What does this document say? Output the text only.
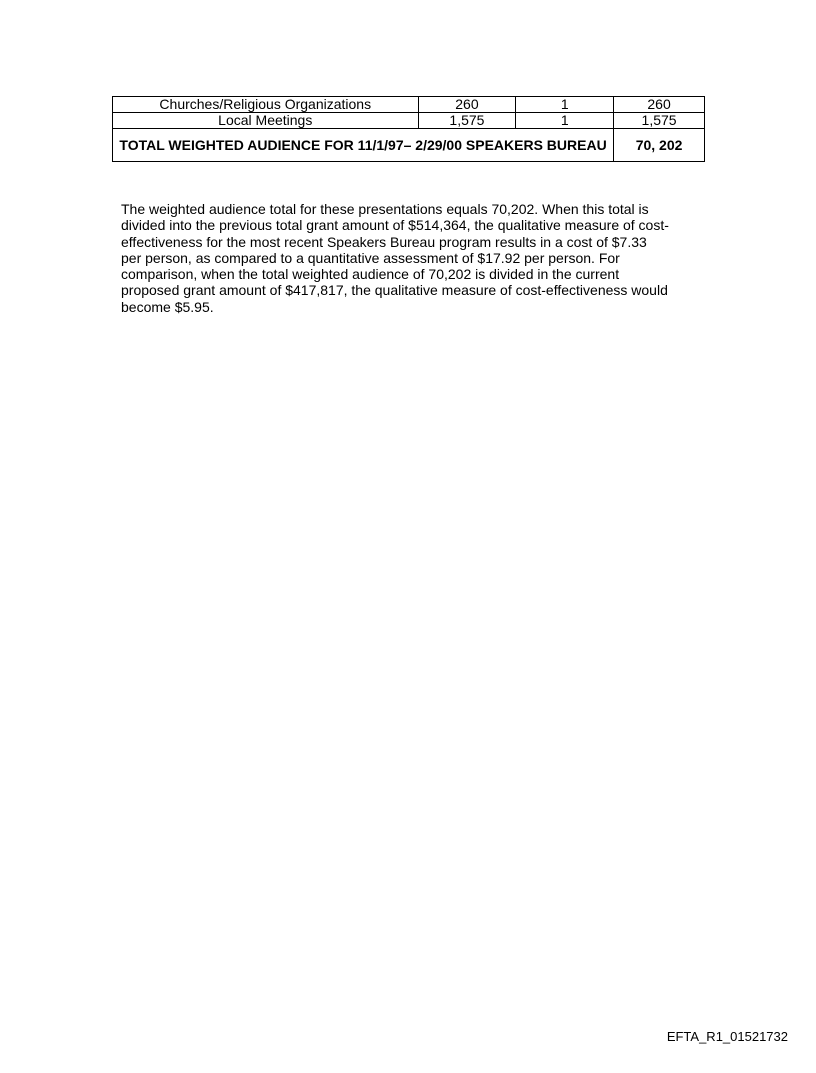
Churches/Religious Organizations	260	1	260
Local Meetings	1,575	1	1,575
TOTAL WEIGHTED AUDIENCE FOR 11/1/97– 2/29/00 SPEAKERS BUREAU			70, 202

The weighted audience total for these presentations equals 70,202. When this total is
divided into the previous total grant amount of $514,364, the qualitative measure of cost-
effectiveness for the most recent Speakers Bureau program results in a cost of $7.33
per person, as compared to a quantitative assessment of $17.92 per person. For
comparison, when the total weighted audience of 70,202 is divided in the current
proposed grant amount of $417,817, the qualitative measure of cost-effectiveness would
become $5.95.

EFTA_R1_01521732
